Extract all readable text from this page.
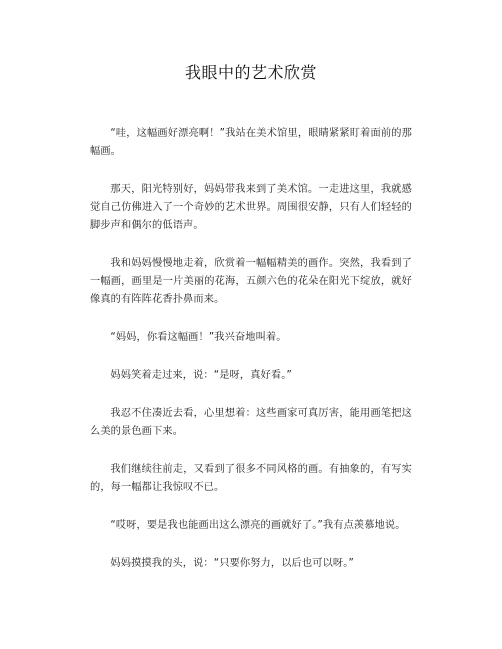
我眼中的艺术欣赏

“哇，这幅画好漂亮啊！”我站在美术馆里，眼睛紧紧盯着面前的那幅画。

那天，阳光特别好，妈妈带我来到了美术馆。一走进这里，我就感觉自己仿佛进入了一个奇妙的艺术世界。周围很安静，只有人们轻轻的脚步声和偶尔的低语声。

我和妈妈慢慢地走着，欣赏着一幅幅精美的画作。突然，我看到了一幅画，画里是一片美丽的花海，五颜六色的花朵在阳光下绽放，就好像真的有阵阵花香扑鼻而来。

“妈妈，你看这幅画！”我兴奋地叫着。

妈妈笑着走过来，说：“是呀，真好看。”

我忍不住凑近去看，心里想着：这些画家可真厉害，能用画笔把这么美的景色画下来。

我们继续往前走，又看到了很多不同风格的画。有抽象的，有写实的，每一幅都让我惊叹不已。

“哎呀，要是我也能画出这么漂亮的画就好了。”我有点羡慕地说。

妈妈摸摸我的头，说：“只要你努力，以后也可以呀。”
